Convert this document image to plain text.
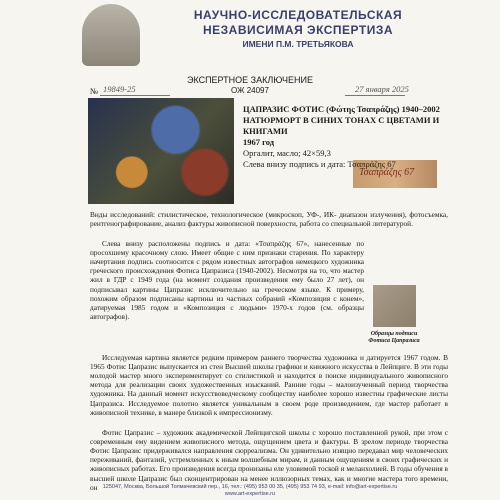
НАУЧНО-ИССЛЕДОВАТЕЛЬСКАЯ
НЕЗАВИСИМАЯ ЭКСПЕРТИЗА
ИМЕНИ П.М. ТРЕТЬЯКОВА
ЭКСПЕРТНОЕ ЗАКЛЮЧЕНИЕ
ОЖ 24097
№ 19849-25	27 января 2025
Τσαπράζης 67
ЦАПРАЗИС ФОТИС (Фώτης Τσαπράζης) 1940–2002
НАТЮРМОРТ В СИНИХ ТОНАХ С ЦВЕТАМИ И КНИГАМИ
1967 год
Оргалит, масло; 42×59,3
Слева внизу подпись и дата: Τσαπράζης 67
Виды исследований: стилистическое, технологическое (микроскоп, УФ-, ИК- диапазон излучения), фотосъемка, рентгенографирование, анализ фактуры живописной поверхности, работа со специальной литературой.
Слева внизу расположены подпись и дата: «Τσαπράζης 67», нанесенные по просохшему красочному слою. Имеет общие с ним признаки старения. По характеру начертания подпись соотносится с рядом известных автографов немецкого художника греческого происхождения Фотиса Цапразиса (1940-2002). Несмотря на то, что мастер жил в ГДР с 1949 года (на момент создания произведения ему было 27 лет), он подписывал картины Цапразис исключительно на греческом языке. К примеру, похожим образом подписаны картины из частных собраний «Композиция с конем», датируемая 1985 годом и «Композиция с людьми» 1970-х годов (см. образцы автографов).
Образцы подписи Фотиса Цапразиса
Исследуемая картина является редким примером раннего творчества художника и датируется 1967 годом. В 1965 Фотис Цапразис выпускается из стен Высшей школы графики и книжного искусства в Лейпциге. В эти годы молодой мастер много экспериментирует со стилистикой и находится в поиске индивидуального живописного метода для реализации своих художественных изысканий. Ранние годы – малоизученный период творчества художника. На данный момент искусствоведческому сообществу наиболее хорошо известны графические листы Цапразиса. Исследуемое полотно является уникальным в своем роде произведением, где мастер работает в живописной технике, в манере близкой к импрессионизму.
Фотис Цапразис – художник академической Лейпцигской школы с хорошо поставленной рукой, при этом с современным ему видением живописного метода, ощущением цвета и фактуры. В зрелом периоде творчества Фотис Цапразис придерживался направления сюрреализма. Он удивительно изящно передавал мир человеческих переживаний, фантазий, устремленных к иным волшебным мирам, и данным ощущениям в своих графических и живописных работах. Его произведения всегда пронизаны еле уловимой тоской и меланхолией. В годы обучения в высшей школе Цапразис был сконцентрирован на менее иллюзорных темах, как и многие мастера того времени, он 125047, Москва, Большой Толмачевский пер., 16, тел.: (495) 953 00 35, (495) 953 74 93, e-mail: info@art-expertise.ru
www.art-expertise.ru
